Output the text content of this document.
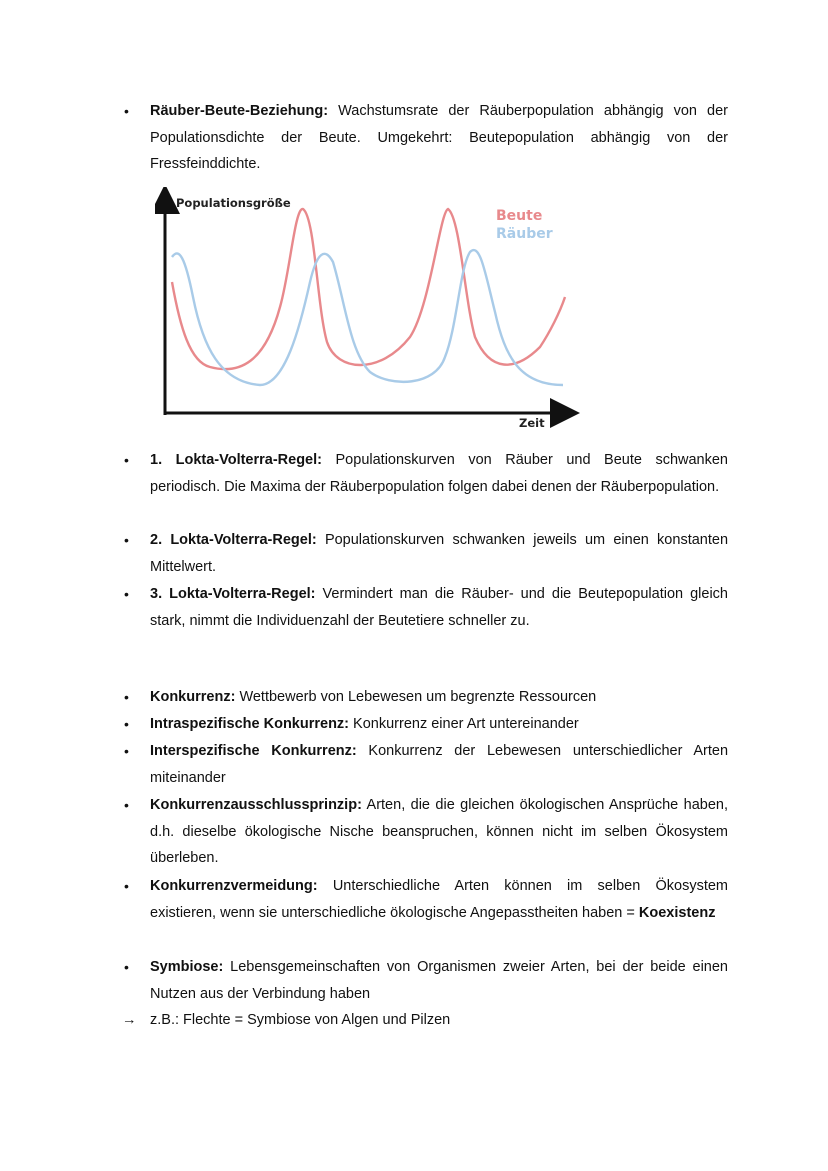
• Räuber-Beute-Beziehung: Wachstumsrate der Räuberpopulation abhängig von der Populationsdichte der Beute. Umgekehrt: Beutepopulation abhängig von der Fressfeinddichte.
Populationsgröße
Zeit
Beute
Räuber
• 1. Lokta-Volterra-Regel: Populationskurven von Räuber und Beute schwanken periodisch. Die Maxima der Räuberpopulation folgen dabei denen der Räuberpopulation.
• 2. Lokta-Volterra-Regel: Populationskurven schwanken jeweils um einen konstanten Mittelwert.
• 3. Lokta-Volterra-Regel: Vermindert man die Räuber- und die Beutepopulation gleich stark, nimmt die Individuenzahl der Beutetiere schneller zu.
• Konkurrenz: Wettbewerb von Lebewesen um begrenzte Ressourcen
• Intraspezifische Konkurrenz: Konkurrenz einer Art untereinander
• Interspezifische Konkurrenz: Konkurrenz der Lebewesen unterschiedlicher Arten miteinander
• Konkurrenzausschlussprinzip: Arten, die die gleichen ökologischen Ansprüche haben, d.h. dieselbe ökologische Nische beanspruchen, können nicht im selben Ökosystem überleben.
• Konkurrenzvermeidung: Unterschiedliche Arten können im selben Ökosystem existieren, wenn sie unterschiedliche ökologische Angepasstheiten haben = Koexistenz
• Symbiose: Lebensgemeinschaften von Organismen zweier Arten, bei der beide einen Nutzen aus der Verbindung haben
→ z.B.: Flechte = Symbiose von Algen und Pilzen
